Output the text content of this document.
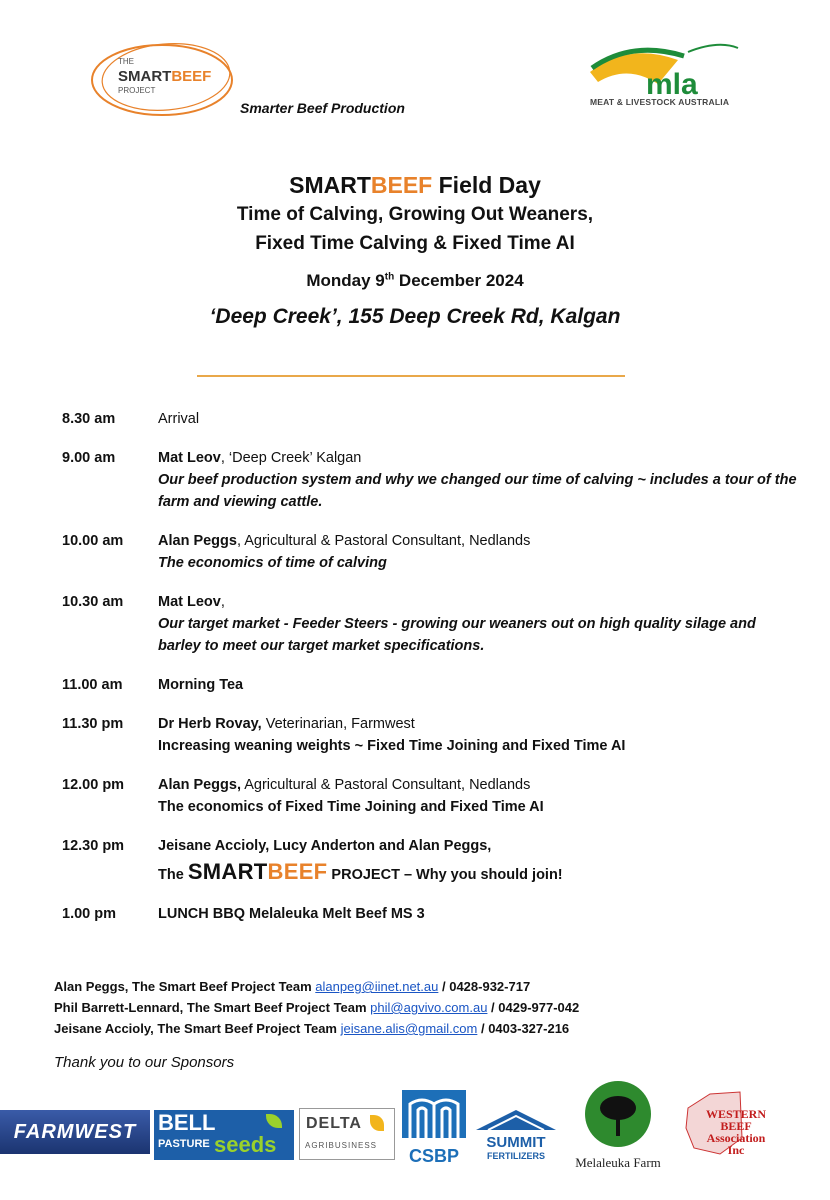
THE
SMARTBEEF
PROJECT
Smarter Beef Production
mla
MEAT & LIVESTOCK AUSTRALIA
SMARTBEEF Field Day
Time of Calving, Growing Out Weaners,
Fixed Time Calving & Fixed Time AI
Monday 9th December 2024
‘Deep Creek’, 155 Deep Creek Rd, Kalgan
8.30 am	Arrival
9.00 am	Mat Leov, ‘Deep Creek’ Kalgan
Our beef production system and why we changed our time of calving ~ includes a tour of the farm and viewing cattle.
10.00 am	Alan Peggs, Agricultural & Pastoral Consultant, Nedlands
The economics of time of calving
10.30 am	Mat Leov,
Our target market - Feeder Steers - growing our weaners out on high quality silage and barley to meet our target market specifications.
11.00 am	Morning Tea
11.30 pm	Dr Herb Rovay, Veterinarian, Farmwest
Increasing weaning weights ~ Fixed Time Joining and Fixed Time AI
12.00 pm	Alan Peggs, Agricultural & Pastoral Consultant, Nedlands
The economics of Fixed Time Joining and Fixed Time AI
12.30 pm	Jeisane Accioly, Lucy Anderton and Alan Peggs,

The SMARTBEEF PROJECT – Why you should join!
1.00 pm	LUNCH BBQ Melaleuka Melt Beef MS 3
Alan Peggs, The Smart Beef Project Team alanpeg@iinet.net.au / 0428-932-717
Phil Barrett-Lennard, The Smart Beef Project Team phil@agvivo.com.au / 0429-977-042
Jeisane Accioly, The Smart Beef Project Team jeisane.alis@gmail.com / 0403-327-216
Thank you to our Sponsors
FARMWEST BELL
PASTURE seeds
DELTA
AGRIBUSINESS
CSBP
SUMMIT
FERTILIZERS	Melaleuka Farm
WESTERN
BEEF
Association
Inc
